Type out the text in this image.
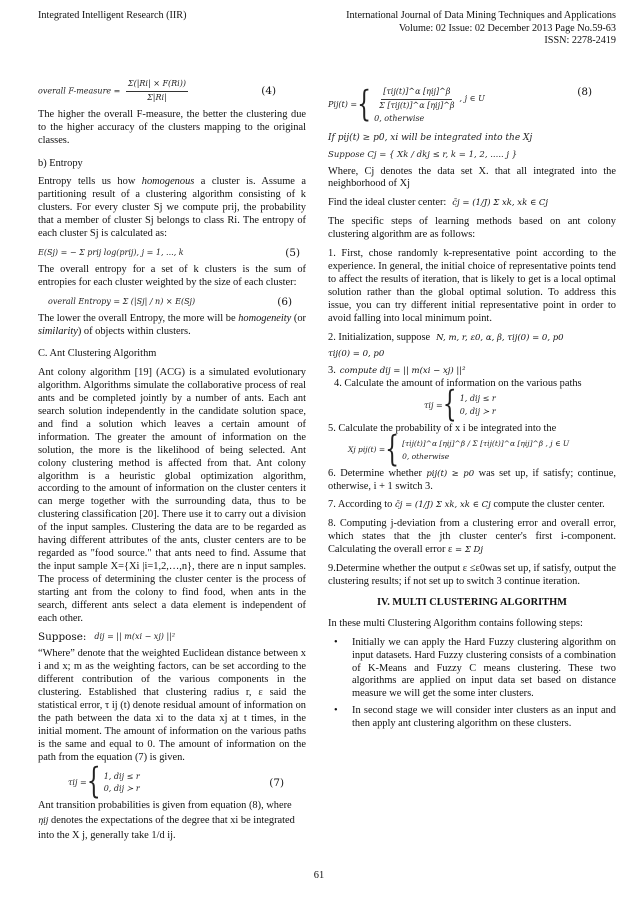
Integrated Intelligent Research (IIR)	International Journal of Data Mining Techniques and Applications
Volume: 02 Issue: 02 December 2013 Page No.59-63
ISSN: 2278-2419
overall F-measure = $\frac{\Sigma(|Ri| \times F(Ri))}{\Sigma|Ri|}$	(4)

The higher the overall F-measure, the better the clustering due to the higher accuracy of the clusters mapping to the original classes.

b) Entropy

Entropy tells us how homogenous a cluster is. Assume a partitioning result of a clustering algorithm consisting of k clusters. For every cluster Sj we compute prij, the probability that a member of cluster Sj belongs to class Ri. The entropy of each cluster Sj is calculated as:

E(Sj) = − Σ prij log(prij), j = 1, ..., k	(5)

The overall entropy for a set of k clusters is the sum of entropies for each cluster weighted by the size of each cluster:

overall Entropy = Σ (|Sj| / n) × E(Sj)	(6)

The lower the overall Entropy, the more will be homogeneity (or similarity) of objects within clusters.

C. Ant Clustering Algorithm

Ant colony algorithm [19] (ACG) is a simulated evolutionary algorithm. Algorithms simulate the collaborative process of real ants and be completed jointly by a number of ants. Each ant search solution independently in the candidate solution space, and find a solution which leaves a certain amount of information. The greater the amount of information on the solution, the more is the likelihood of being selected. Ant colony clustering method is affected from that. Ant colony algorithm is a heuristic global optimization algorithm, according to the amount of information on the cluster centers it can merge together with the surrounding data, thus to be clustering classification [20]. There use it to carry out a division of the input samples. Clustering the data are to be regarded as having different attributes of the ants, cluster centers are to be regarded as "food source." that ants need to find. Assume that the input sample X={Xi |i=1,2,…,n}, there are n input samples. The process of determining the cluster center is the process of starting ant from the colony to find food, when ants in the search, different ants select a data element is independent of each other.

Suppose: dij = || m(xi − xj) ||²

“Where” denote that the weighted Euclidean distance between x i and x; m as the weighting factors, can be set according to the different contribution of the various components in the clustering. Established that clustering radius r, ε said the statistical error, τ ij (t) denote residual amount of information on the path between the data xi to the data xj at t times, in the initial moment. The amount of information on the various paths is the same and equal to 0. The amount of information on the path from the equation (7) is given.

τij = { 1, dij ≤ r
0, dij ≻ r	(7)

Ant transition probabilities is given from equation (8), where

ηij denotes the expectations of the degree that xi be integrated

into the X j, generally take 1/d ij.

Pij(t) = { $\frac{\text{[τij(t)]\textasciicircum{}α [ηij]\textasciicircum{}β}}{\text{Σ [τij(t)]\textasciicircum{}α [ηij]\textasciicircum{}β}}$ , j ∈ U
0, otherwise
(8)
If pij(t) ≥ p0, xi will be integrated into the Xj
Suppose Cj = { Xk / dkj ≤ r, k = 1, 2, ..... j }

Where, Cj denotes the data set X. that all integrated into the neighborhood of Xj

Find the ideal cluster center: c̄j = (1/J) Σ xk, xk ∈ Cj

The specific steps of learning methods based on ant colony clustering algorithm are as follows:

1. First, chose randomly k-representative point according to the experience. In general, the initial choice of representative points tend to affect the results of iteration, that is likely to get is a local optimal solution rather than the global optimal solution. To address this issue, you can try different initial representative point in order to avoid falling into local minimum point.

2. Initialization, suppose N, m, r, ε0, α, β, τij(0) = 0, p0
τij(0) = 0, p0
3. compute dij = || m(xi − xj) ||²
4. Calculate the amount of information on the various paths
τij = { 1, dij ≤ r
0, dij ≻ r
5. Calculate the probability of x i be integrated into the
Xj pij(t) = { [τij(t)]^α [ηij]^β / Σ [τij(t)]^α [ηij]^β , j ∈ U
0, otherwise

6. Determine whether pij(t) ≥ p0 was set up, if satisfy; continue, otherwise, i + 1 switch 3.

7. According to c̄j = (1/J) Σ xk, xk ∈ Cj compute the cluster center.

8. Computing j-deviation from a clustering error and overall error, which states that the jth cluster center's first i-component. Calculating the overall error ε = Σ Dj

9.Determine whether the output ε ≤ε0was set up, if satisfy, output the clustering results; if not set up to switch 3 continue iteration.

IV. MULTI CLUSTERING ALGORITHM

In these multi Clustering Algorithm contains following steps:

• Initially we can apply the Hard Fuzzy clustering algorithm on input datasets. Hard Fuzzy clustering consists of a combination of K-Means and Fuzzy C means clustering. These two algorithms are applied on input data set based on distance measure we will get the some inter clusters.
• In second stage we will consider inter clusters as an input and then apply ant clustering algorithm on these clusters.
61
